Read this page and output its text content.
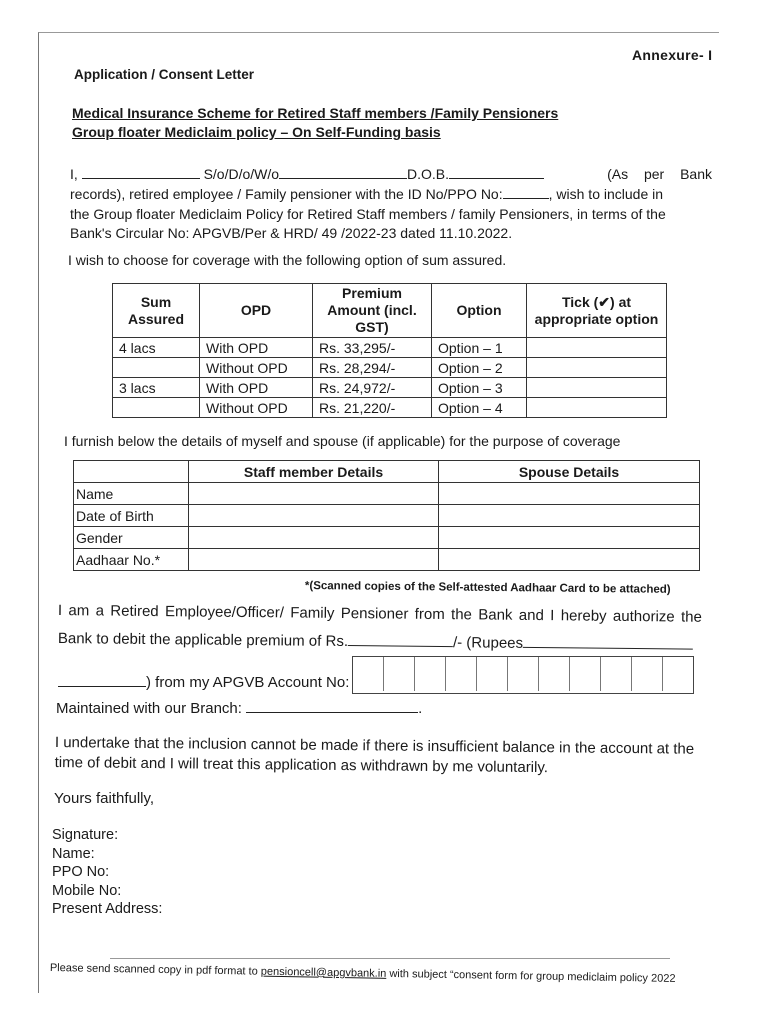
Annexure- I
Application / Consent Letter
Medical Insurance Scheme for Retired Staff members /Family Pensioners
Group floater Mediclaim policy – On Self-Funding basis
I,	S/o/D/o/W/o	D.O.B.	(As per Bank
records), retired employee / Family pensioner with the ID No/PPO No:	, wish to include in
the Group floater Mediclaim Policy for Retired Staff members / family Pensioners, in terms of the
Bank's Circular No: APGVB/Per & HRD/ 49 /2022-23 dated 11.10.2022.
I wish to choose for coverage with the following option of sum assured.
Sum Assured	OPD	Premium Amount (incl. GST)	Option	Tick (✔) at appropriate option
4 lacs	With OPD	Rs. 33,295/-	Option – 1	
	Without OPD	Rs. 28,294/-	Option – 2	
3 lacs	With OPD	Rs. 24,972/-	Option – 3	
	Without OPD	Rs. 21,220/-	Option – 4	
I furnish below the details of myself and spouse (if applicable) for the purpose of coverage
	Staff member Details	Spouse Details
Name		
Date of Birth		
Gender		
Aadhaar No.*		
*(Scanned copies of the Self-attested Aadhaar Card to be attached)
I am a Retired Employee/Officer/ Family Pensioner from the Bank and I hereby authorize the
Bank to debit the applicable premium of Rs.	/- (Rupees
) from my APGVB Account No:
Maintained with our Branch:	.
I undertake that the inclusion cannot be made if there is insufficient balance in the account at the
time of debit and I will treat this application as withdrawn by me voluntarily.
Yours faithfully,
Signature:
Name:
PPO No:
Mobile No:
Present Address:
Please send scanned copy in pdf format to pensioncell@apgvbank.in with subject “consent form for group mediclaim policy 2022
